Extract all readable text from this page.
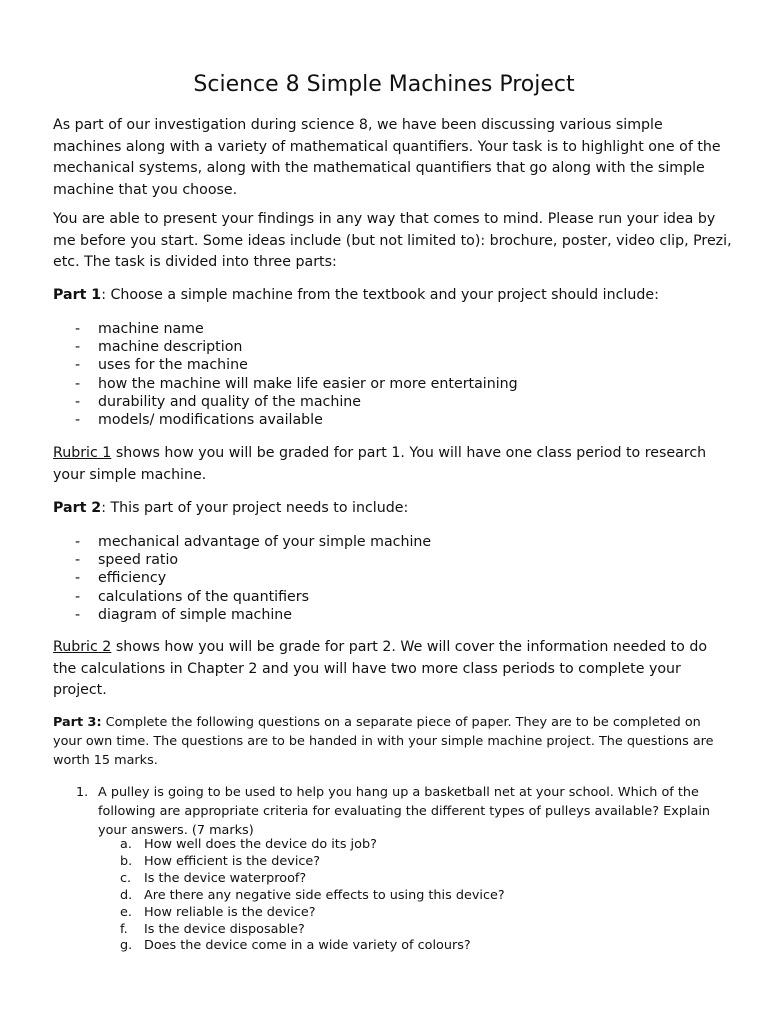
Science 8 Simple Machines Project

As part of our investigation during science 8, we have been discussing various simple machines along with a variety of mathematical quantifiers. Your task is to highlight one of the mechanical systems, along with the mathematical quantifiers that go along with the simple machine that you choose.

You are able to present your findings in any way that comes to mind. Please run your idea by me before you start. Some ideas include (but not limited to): brochure, poster, video clip, Prezi, etc. The task is divided into three parts:

Part 1: Choose a simple machine from the textbook and your project should include:

- machine name
- machine description
- uses for the machine
- how the machine will make life easier or more entertaining
- durability and quality of the machine
- models/ modifications available

Rubric 1 shows how you will be graded for part 1. You will have one class period to research your simple machine.

Part 2: This part of your project needs to include:

- mechanical advantage of your simple machine
- speed ratio
- efficiency
- calculations of the quantifiers
- diagram of simple machine

Rubric 2 shows how you will be grade for part 2. We will cover the information needed to do the calculations in Chapter 2 and you will have two more class periods to complete your project.

Part 3: Complete the following questions on a separate piece of paper. They are to be completed on your own time. The questions are to be handed in with your simple machine project. The questions are worth 15 marks.

1. A pulley is going to be used to help you hang up a basketball net at your school. Which of the following are appropriate criteria for evaluating the different types of pulleys available? Explain your answers. (7 marks)
a. How well does the device do its job?
b. How efficient is the device?
c. Is the device waterproof?
d. Are there any negative side effects to using this device?
e. How reliable is the device?
f. Is the device disposable?
g. Does the device come in a wide variety of colours?
